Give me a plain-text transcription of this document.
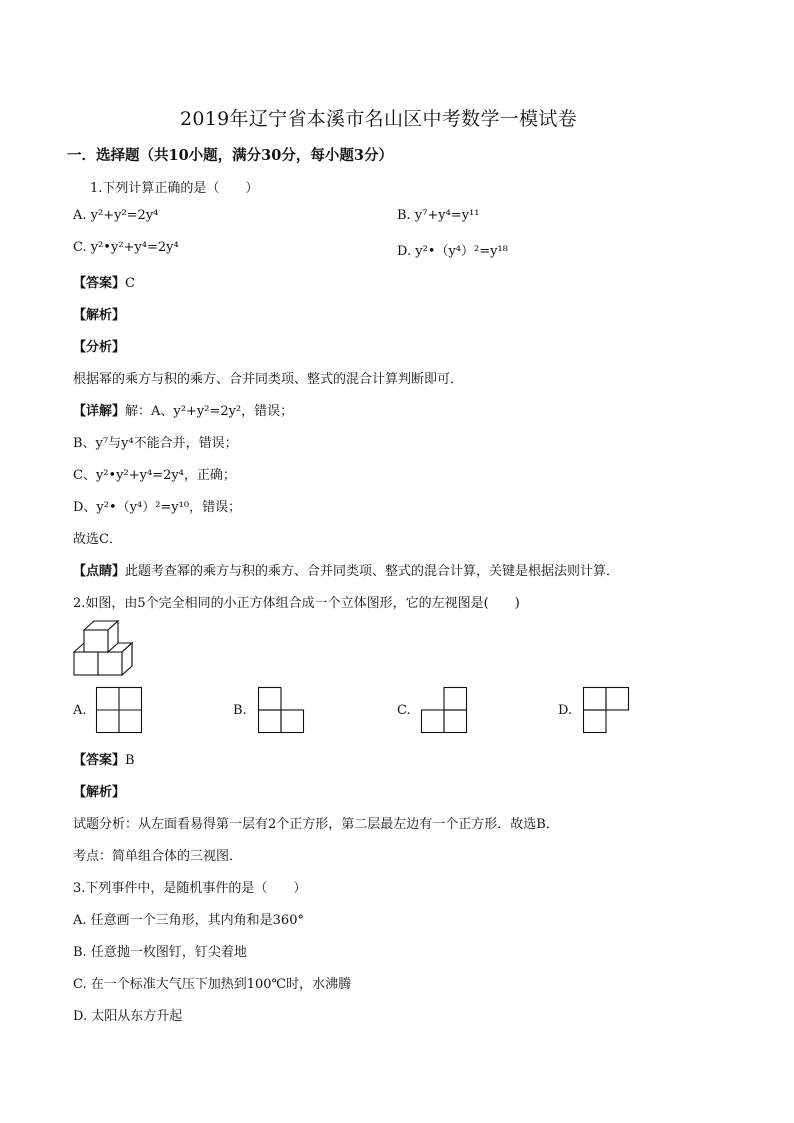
2019年辽宁省本溪市名山区中考数学一模试卷
一．选择题（共10小题，满分30分，每小题3分）
1.下列计算正确的是（　　）
A. y²+y²=2y⁴	B. y⁷+y⁴=y¹¹
C. y²•y²+y⁴=2y⁴	D. y²•（y⁴）²=y¹⁸
【答案】C
【解析】
【分析】
根据幂的乘方与积的乘方、合并同类项、整式的混合计算判断即可．
【详解】解：A、y²+y²=2y²，错误；
B、y⁷与y⁴不能合并，错误；
C、y²•y²+y⁴=2y⁴，正确；
D、y²•（y⁴）²=y¹⁰，错误；
故选C．
【点睛】此题考查幂的乘方与积的乘方、合并同类项、整式的混合计算，关键是根据法则计算．
2.如图，由5个完全相同的小正方体组合成一个立体图形，它的左视图是(　　)
A.	B.	C.	D.
【答案】B
【解析】
试题分析：从左面看易得第一层有2个正方形，第二层最左边有一个正方形．故选B．
考点：简单组合体的三视图．
3.下列事件中，是随机事件的是（　　）
A. 任意画一个三角形，其内角和是360°
B. 任意抛一枚图钉，钉尖着地
C. 在一个标准大气压下加热到100℃时，水沸腾
D. 太阳从东方升起
